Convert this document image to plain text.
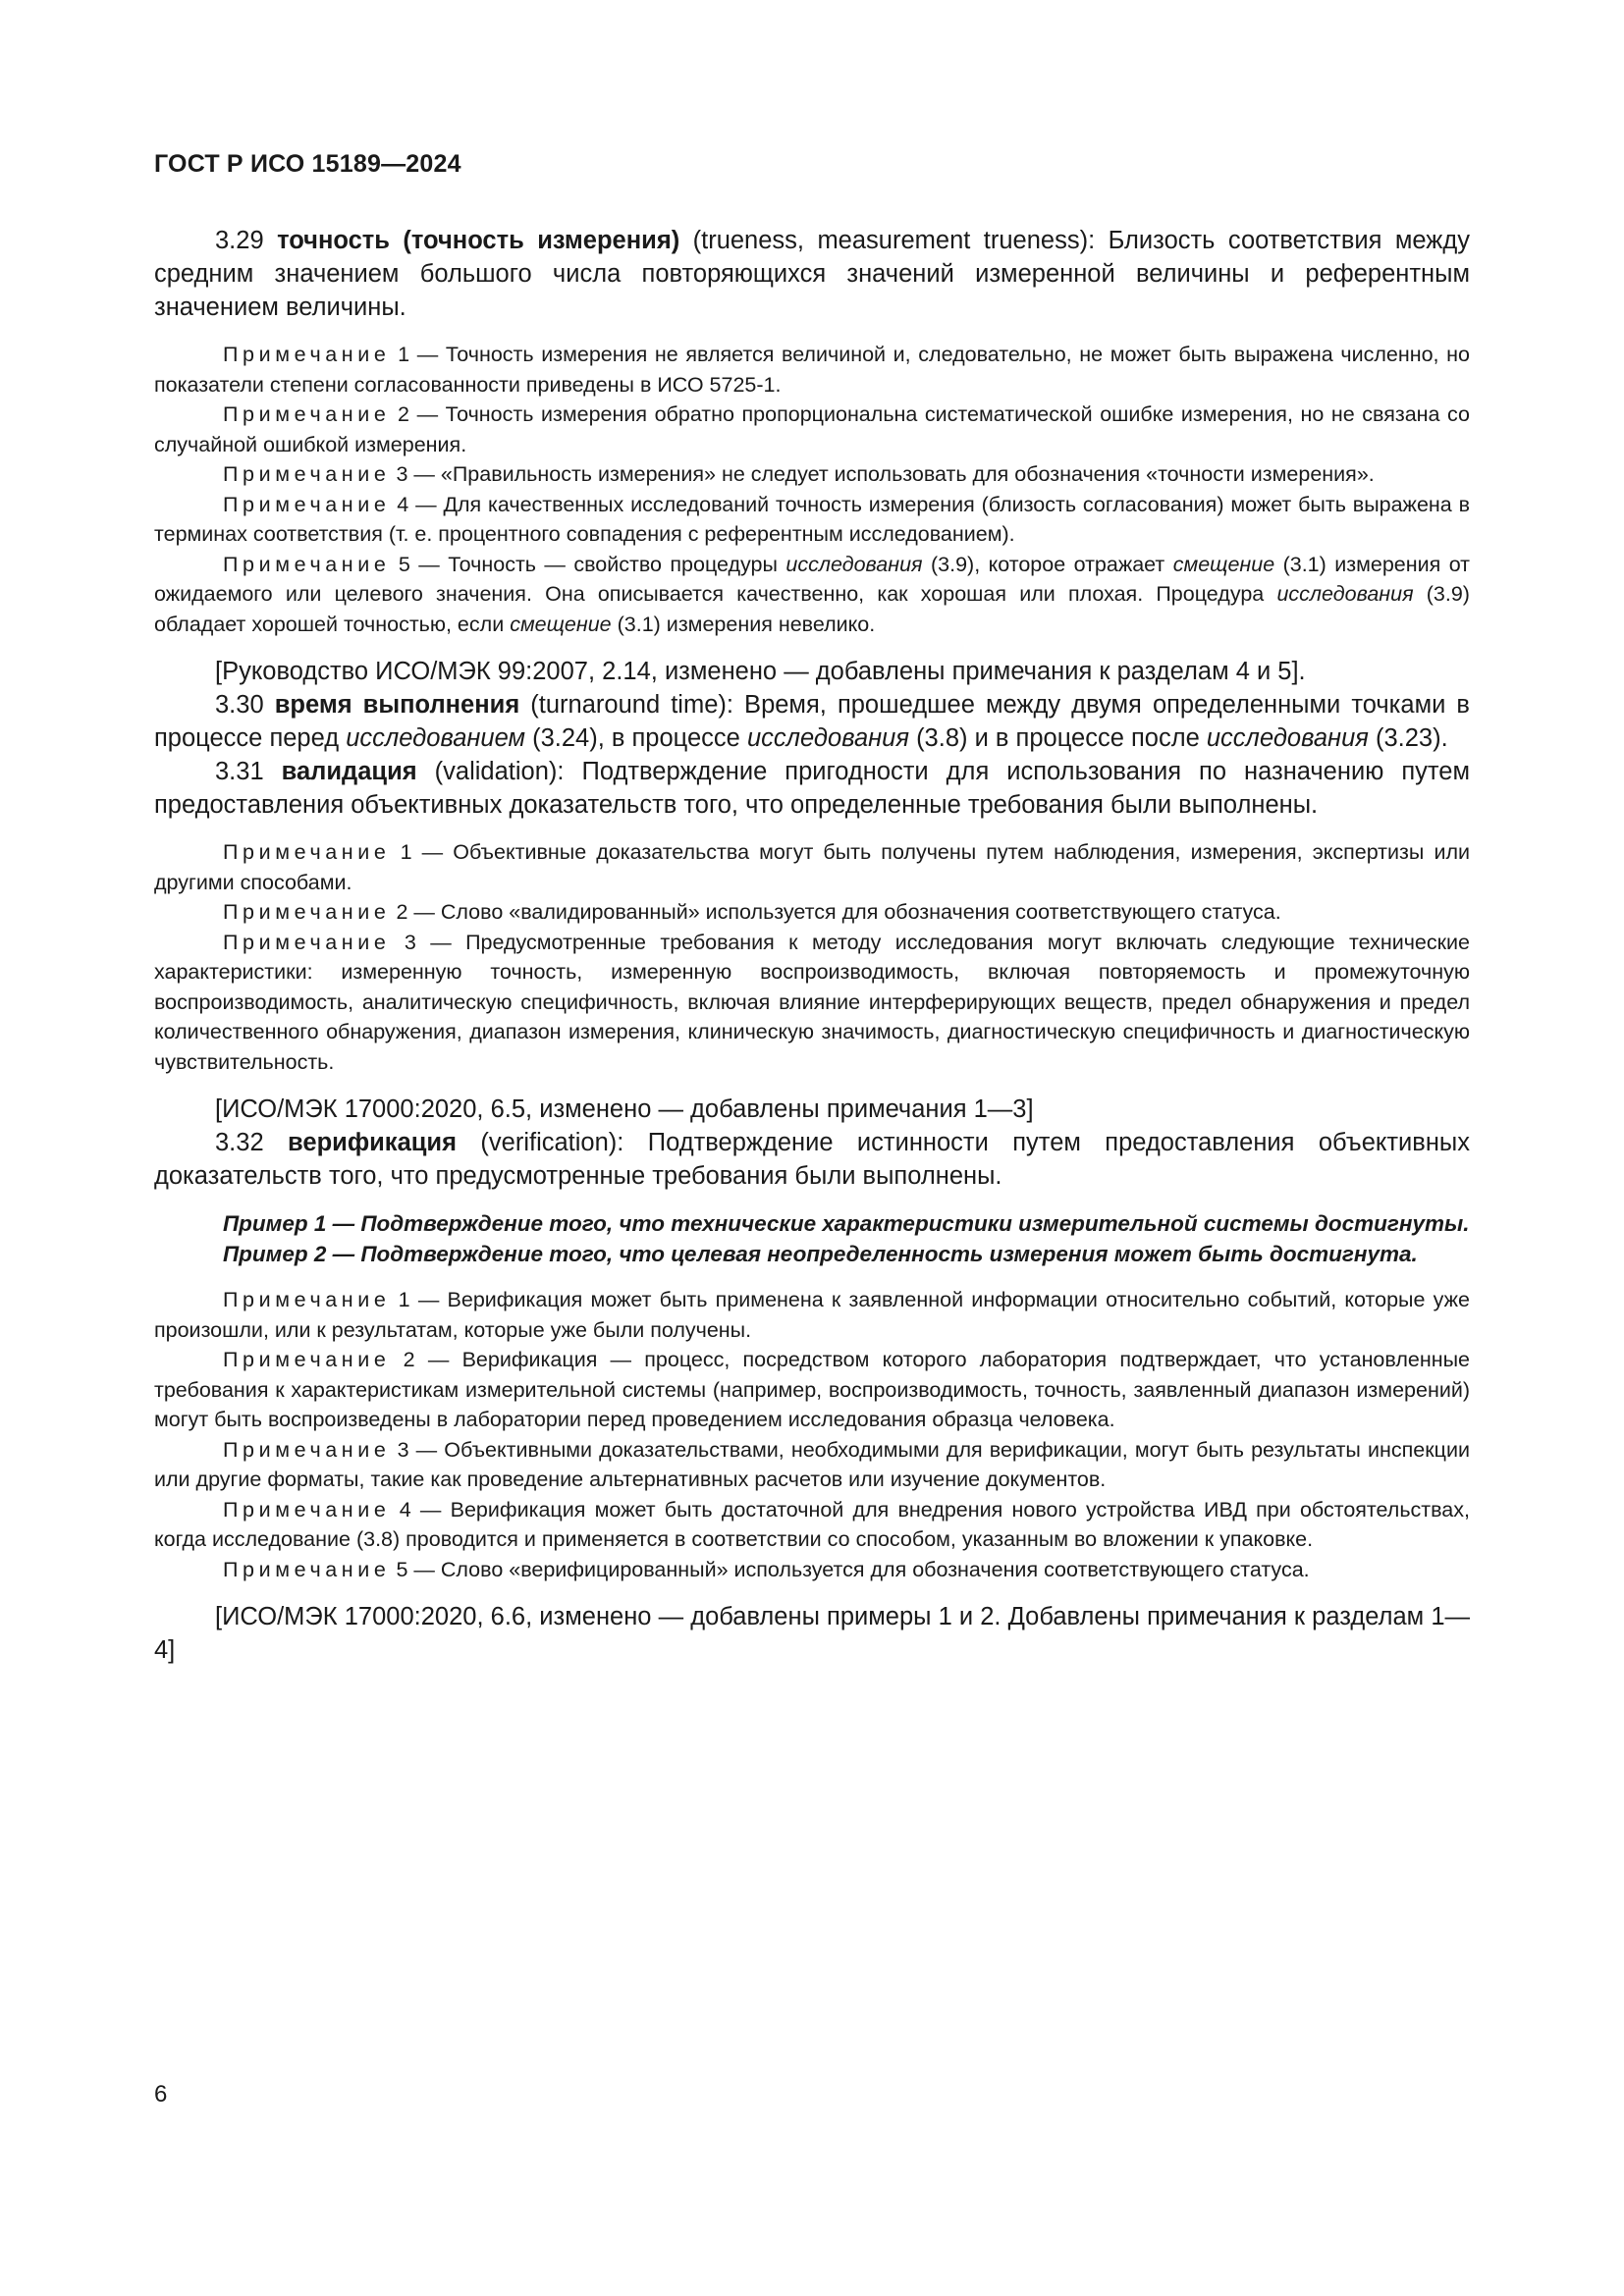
ГОСТ Р ИСО 15189—2024

3.29 точность (точность измерения) (trueness, measurement trueness): Близость соответствия между средним значением большого числа повторяющихся значений измеренной величины и референтным значением величины.

Примечание 1 — Точность измерения не является величиной и, следовательно, не может быть выражена численно, но показатели степени согласованности приведены в ИСО 5725-1.

Примечание 2 — Точность измерения обратно пропорциональна систематической ошибке измерения, но не связана со случайной ошибкой измерения.

Примечание 3 — «Правильность измерения» не следует использовать для обозначения «точности измерения».

Примечание 4 — Для качественных исследований точность измерения (близость согласования) может быть выражена в терминах соответствия (т. е. процентного совпадения с референтным исследованием).

Примечание 5 — Точность — свойство процедуры исследования (3.9), которое отражает смещение (3.1) измерения от ожидаемого или целевого значения. Она описывается качественно, как хорошая или плохая. Процедура исследования (3.9) обладает хорошей точностью, если смещение (3.1) измерения невелико.

[Руководство ИСО/МЭК 99:2007, 2.14, изменено — добавлены примечания к разделам 4 и 5].

3.30 время выполнения (turnaround time): Время, прошедшее между двумя определенными точками в процессе перед исследованием (3.24), в процессе исследования (3.8) и в процессе после исследования (3.23).

3.31 валидация (validation): Подтверждение пригодности для использования по назначению путем предоставления объективных доказательств того, что определенные требования были выполнены.

Примечание 1 — Объективные доказательства могут быть получены путем наблюдения, измерения, экспертизы или другими способами.

Примечание 2 — Слово «валидированный» используется для обозначения соответствующего статуса.

Примечание 3 — Предусмотренные требования к методу исследования могут включать следующие технические характеристики: измеренную точность, измеренную воспроизводимость, включая повторяемость и промежуточную воспроизводимость, аналитическую специфичность, включая влияние интерферирующих веществ, предел обнаружения и предел количественного обнаружения, диапазон измерения, клиническую значимость, диагностическую специфичность и диагностическую чувствительность.

[ИСО/МЭК 17000:2020, 6.5, изменено — добавлены примечания 1—3]

3.32 верификация (verification): Подтверждение истинности путем предоставления объективных доказательств того, что предусмотренные требования были выполнены.

Пример 1 — Подтверждение того, что технические характеристики измерительной системы достигнуты.

Пример 2 — Подтверждение того, что целевая неопределенность измерения может быть достигнута.

Примечание 1 — Верификация может быть применена к заявленной информации относительно событий, которые уже произошли, или к результатам, которые уже были получены.

Примечание 2 — Верификация — процесс, посредством которого лаборатория подтверждает, что установленные требования к характеристикам измерительной системы (например, воспроизводимость, точность, заявленный диапазон измерений) могут быть воспроизведены в лаборатории перед проведением исследования образца человека.

Примечание 3 — Объективными доказательствами, необходимыми для верификации, могут быть результаты инспекции или другие форматы, такие как проведение альтернативных расчетов или изучение документов.

Примечание 4 — Верификация может быть достаточной для внедрения нового устройства ИВД при обстоятельствах, когда исследование (3.8) проводится и применяется в соответствии со способом, указанным во вложении к упаковке.

Примечание 5 — Слово «верифицированный» используется для обозначения соответствующего статуса.

[ИСО/МЭК 17000:2020, 6.6, изменено — добавлены примеры 1 и 2. Добавлены примечания к разделам 1—4]

6
